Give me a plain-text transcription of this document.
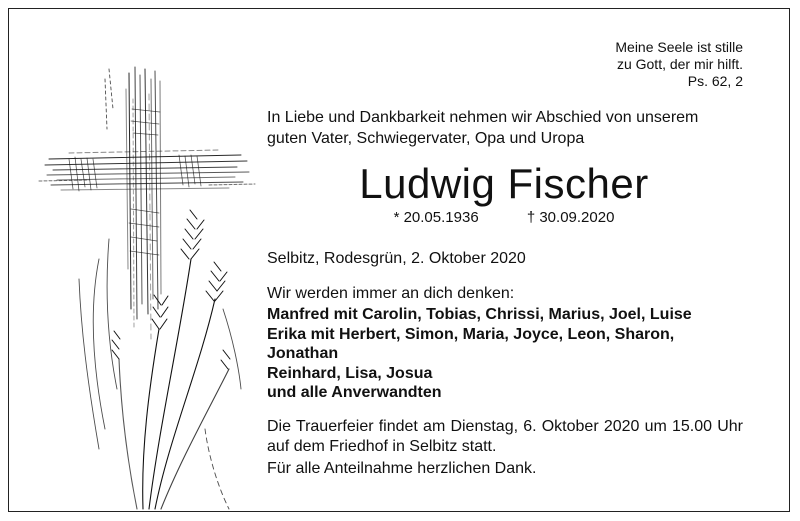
Meine Seele ist stille
zu Gott, der mir hilft.
Ps. 62, 2
In Liebe und Dankbarkeit nehmen wir Abschied von unserem
guten Vater, Schwiegervater, Opa und Uropa
Ludwig Fischer
* 20.05.1936	† 30.09.2020
Selbitz, Rodesgrün, 2. Oktober 2020
Wir werden immer an dich denken:
Manfred mit Carolin, Tobias, Chrissi, Marius, Joel, Luise
Erika mit Herbert, Simon, Maria, Joyce, Leon, Sharon,
Jonathan
Reinhard, Lisa, Josua
und alle Anverwandten
Die Trauerfeier findet am Dienstag, 6. Oktober 2020 um 15.00 Uhr auf dem Friedhof in Selbitz statt.
Für alle Anteilnahme herzlichen Dank.
